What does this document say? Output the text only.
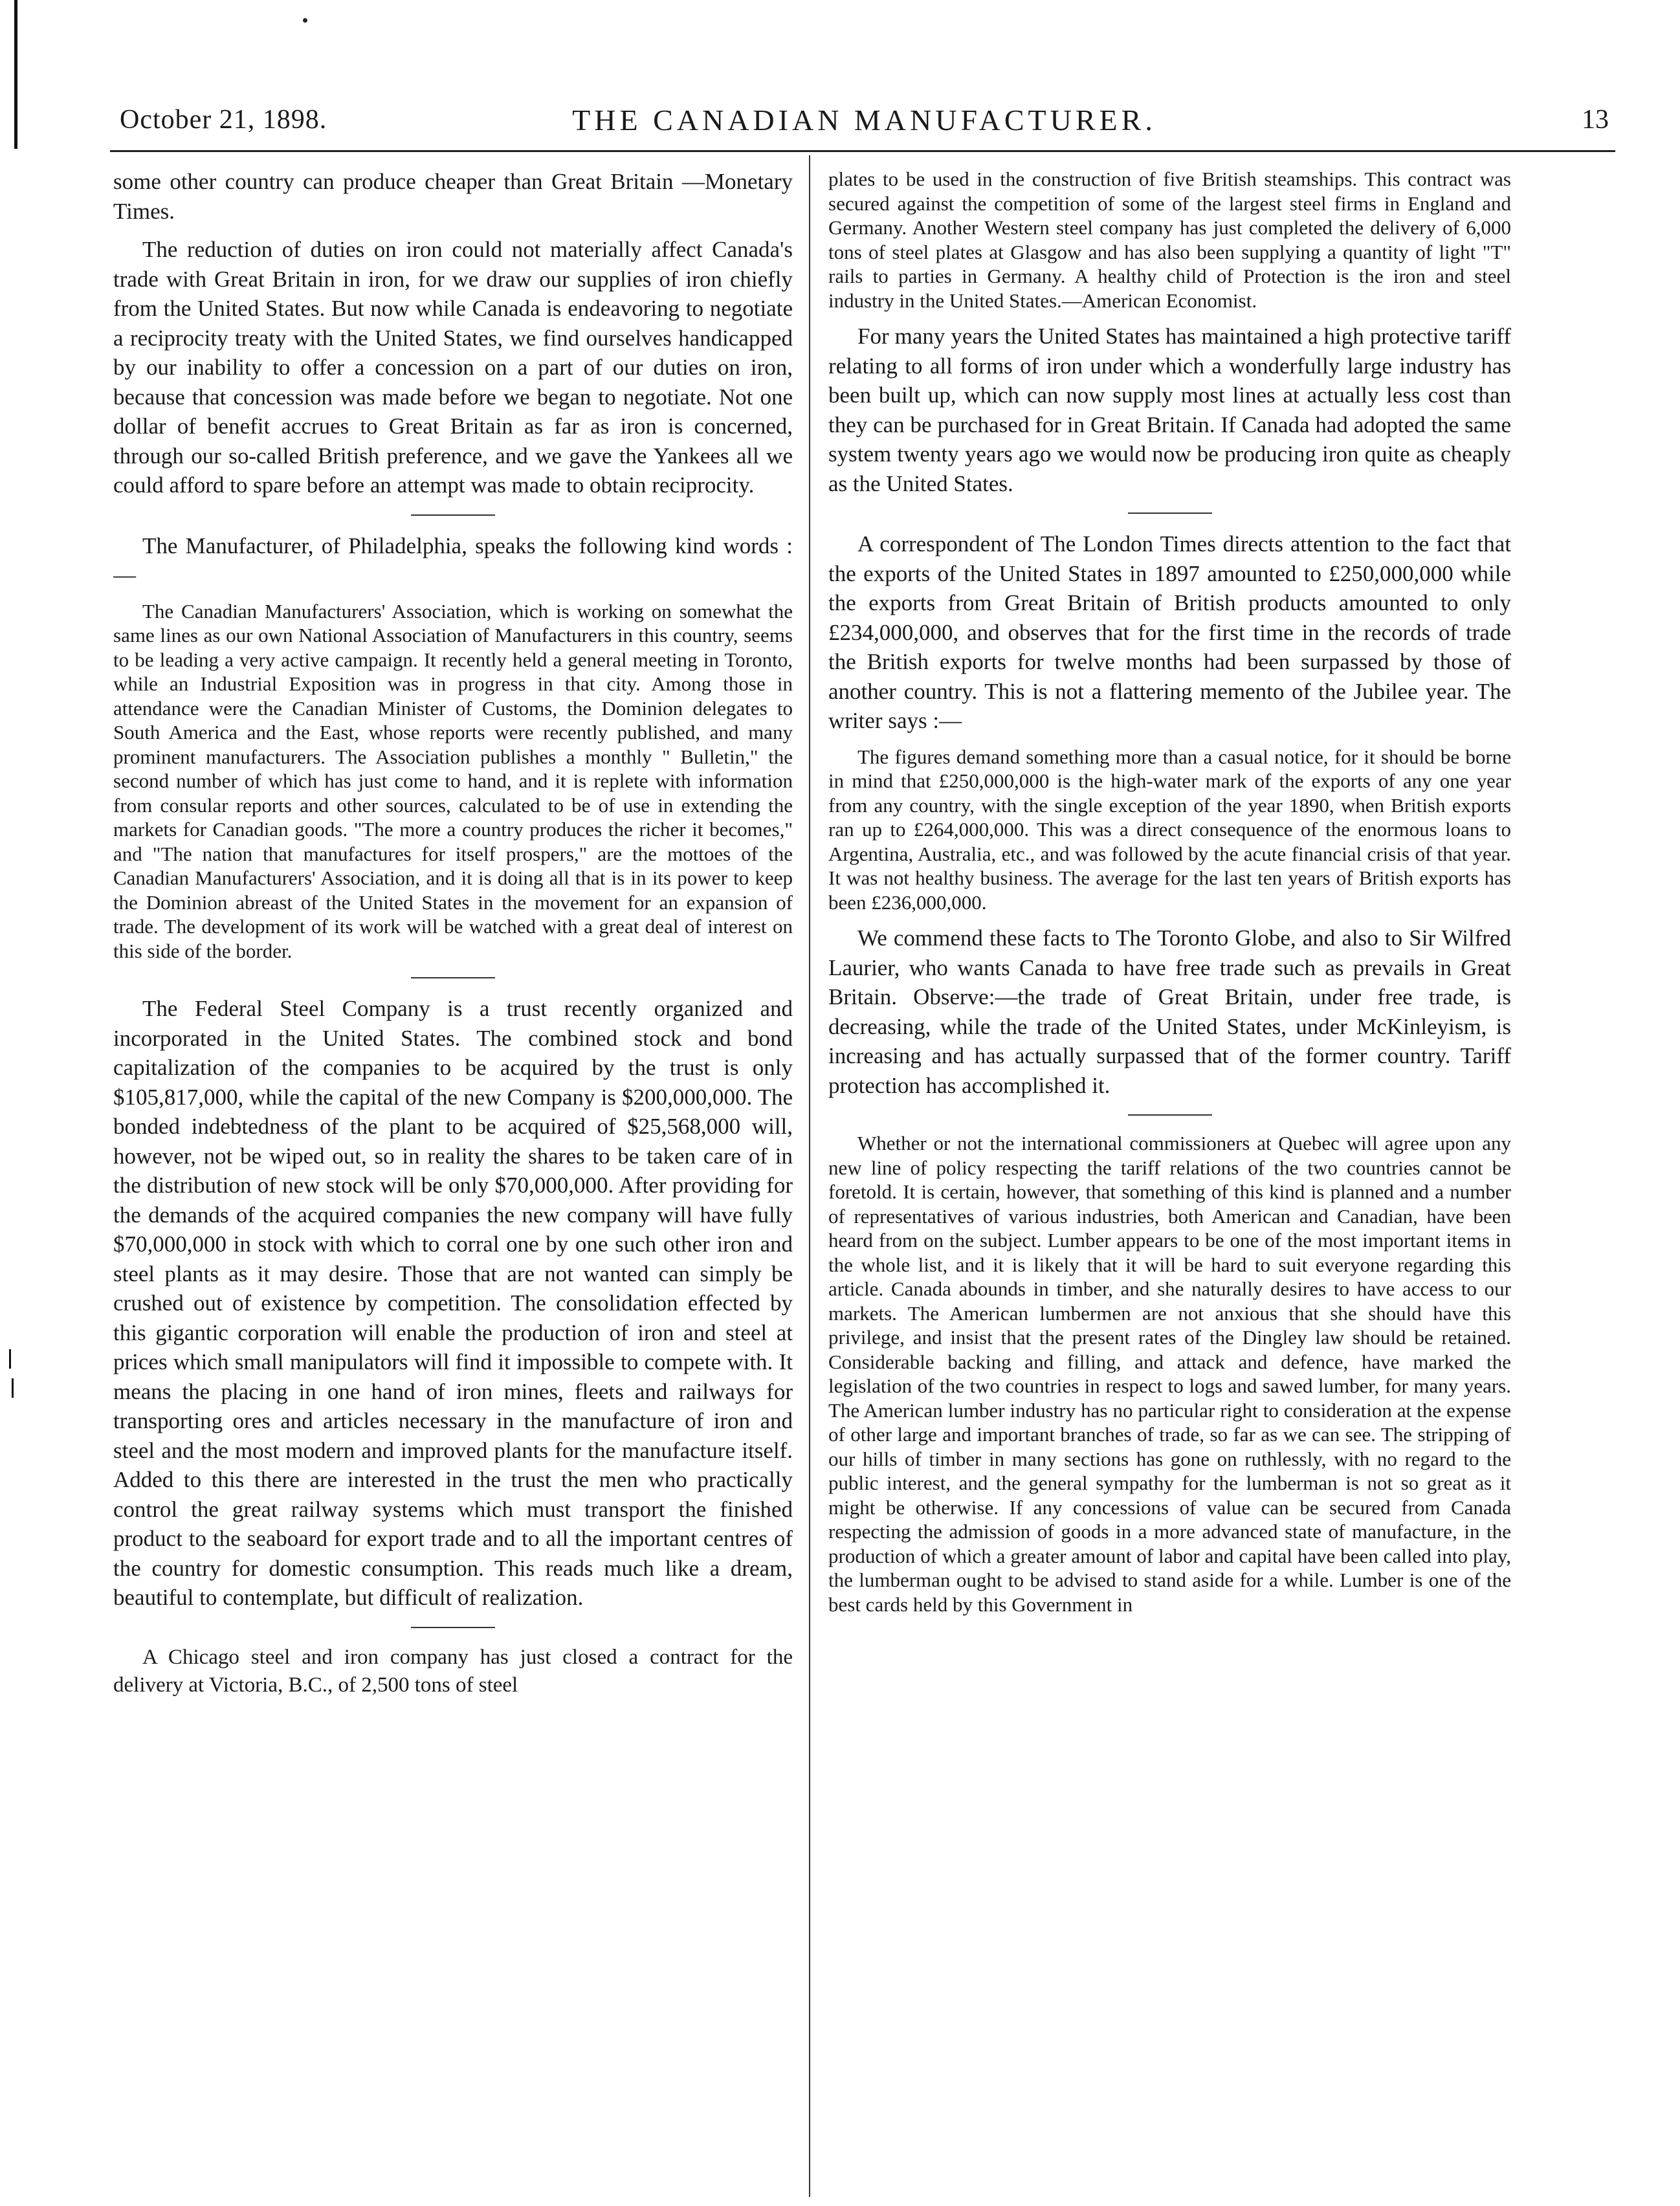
October 21, 1898.	THE CANADIAN MANUFACTURER.	13

some other country can produce cheaper than Great Britain —Monetary Times.

The reduction of duties on iron could not materially affect Canada's trade with Great Britain in iron, for we draw our supplies of iron chiefly from the United States. But now while Canada is endeavoring to negotiate a reciprocity treaty with the United States, we find ourselves handicapped by our inability to offer a concession on a part of our duties on iron, because that concession was made before we began to negotiate. Not one dollar of benefit accrues to Great Britain as far as iron is concerned, through our so-called British preference, and we gave the Yankees all we could afford to spare before an attempt was made to obtain reciprocity.

The Manufacturer, of Philadelphia, speaks the following kind words :—

The Canadian Manufacturers' Association, which is working on somewhat the same lines as our own National Association of Manufacturers in this country, seems to be leading a very active campaign. It recently held a general meeting in Toronto, while an Industrial Exposition was in progress in that city. Among those in attendance were the Canadian Minister of Customs, the Dominion delegates to South America and the East, whose reports were recently published, and many prominent manufacturers. The Association publishes a monthly " Bulletin," the second number of which has just come to hand, and it is replete with information from consular reports and other sources, calculated to be of use in extending the markets for Canadian goods. "The more a country produces the richer it becomes," and "The nation that manufactures for itself prospers," are the mottoes of the Canadian Manufacturers' Association, and it is doing all that is in its power to keep the Dominion abreast of the United States in the movement for an expansion of trade. The development of its work will be watched with a great deal of interest on this side of the border.

The Federal Steel Company is a trust recently organized and incorporated in the United States. The combined stock and bond capitalization of the companies to be acquired by the trust is only $105,817,000, while the capital of the new Company is $200,000,000. The bonded indebtedness of the plant to be acquired of $25,568,000 will, however, not be wiped out, so in reality the shares to be taken care of in the distribution of new stock will be only $70,000,000. After providing for the demands of the acquired companies the new company will have fully $70,000,000 in stock with which to corral one by one such other iron and steel plants as it may desire. Those that are not wanted can simply be crushed out of existence by competition. The consolidation effected by this gigantic corporation will enable the production of iron and steel at prices which small manipulators will find it impossible to compete with. It means the placing in one hand of iron mines, fleets and railways for transporting ores and articles necessary in the manufacture of iron and steel and the most modern and improved plants for the manufacture itself. Added to this there are interested in the trust the men who practically control the great railway systems which must transport the finished product to the seaboard for export trade and to all the important centres of the country for domestic consumption. This reads much like a dream, beautiful to contemplate, but difficult of realization.

A Chicago steel and iron company has just closed a contract for the delivery at Victoria, B.C., of 2,500 tons of steel

plates to be used in the construction of five British steamships. This contract was secured against the competition of some of the largest steel firms in England and Germany. Another Western steel company has just completed the delivery of 6,000 tons of steel plates at Glasgow and has also been supplying a quantity of light "T" rails to parties in Germany. A healthy child of Protection is the iron and steel industry in the United States.—American Economist.

For many years the United States has maintained a high protective tariff relating to all forms of iron under which a wonderfully large industry has been built up, which can now supply most lines at actually less cost than they can be purchased for in Great Britain. If Canada had adopted the same system twenty years ago we would now be producing iron quite as cheaply as the United States.

A correspondent of The London Times directs attention to the fact that the exports of the United States in 1897 amounted to £250,000,000 while the exports from Great Britain of British products amounted to only £234,000,000, and observes that for the first time in the records of trade the British exports for twelve months had been surpassed by those of another country. This is not a flattering memento of the Jubilee year. The writer says :—

The figures demand something more than a casual notice, for it should be borne in mind that £250,000,000 is the high-water mark of the exports of any one year from any country, with the single exception of the year 1890, when British exports ran up to £264,000,000. This was a direct consequence of the enormous loans to Argentina, Australia, etc., and was followed by the acute financial crisis of that year. It was not healthy business. The average for the last ten years of British exports has been £236,000,000.

We commend these facts to The Toronto Globe, and also to Sir Wilfred Laurier, who wants Canada to have free trade such as prevails in Great Britain. Observe:—the trade of Great Britain, under free trade, is decreasing, while the trade of the United States, under McKinleyism, is increasing and has actually surpassed that of the former country. Tariff protection has accomplished it.

Whether or not the international commissioners at Quebec will agree upon any new line of policy respecting the tariff relations of the two countries cannot be foretold. It is certain, however, that something of this kind is planned and a number of representatives of various industries, both American and Canadian, have been heard from on the subject. Lumber appears to be one of the most important items in the whole list, and it is likely that it will be hard to suit everyone regarding this article. Canada abounds in timber, and she naturally desires to have access to our markets. The American lumbermen are not anxious that she should have this privilege, and insist that the present rates of the Dingley law should be retained. Considerable backing and filling, and attack and defence, have marked the legislation of the two countries in respect to logs and sawed lumber, for many years. The American lumber industry has no particular right to consideration at the expense of other large and important branches of trade, so far as we can see. The stripping of our hills of timber in many sections has gone on ruthlessly, with no regard to the public interest, and the general sympathy for the lumberman is not so great as it might be otherwise. If any concessions of value can be secured from Canada respecting the admission of goods in a more advanced state of manufacture, in the production of which a greater amount of labor and capital have been called into play, the lumberman ought to be advised to stand aside for a while. Lumber is one of the best cards held by this Government in
